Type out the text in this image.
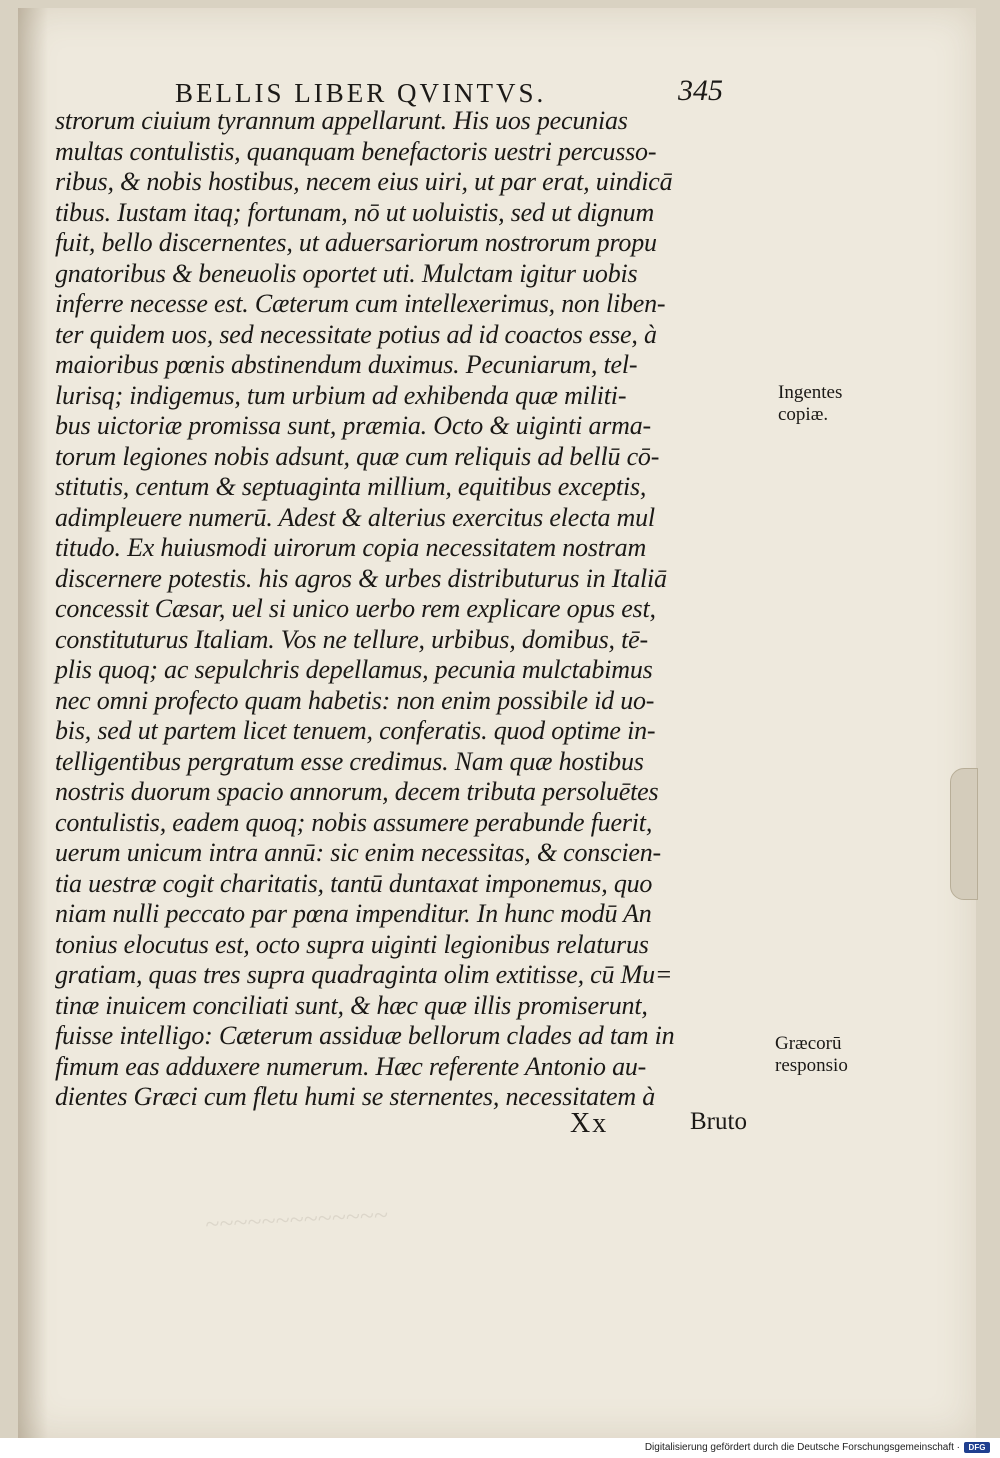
BELLIS LIBER QVINTVS.	345
strorum ciuium tyrannum appellarunt. His uos pecunias
multas contulistis, quanquam benefactoris uestri percusso-
ribus, & nobis hostibus, necem eius uiri, ut par erat, uindicā
tibus. Iustam itaq; fortunam, nō ut uoluistis, sed ut dignum
fuit, bello discernentes, ut aduersariorum nostrorum propu
gnatoribus & beneuolis oportet uti. Mulctam igitur uobis
inferre necesse est. Cæterum cum intellexerimus, non liben-
ter quidem uos, sed necessitate potius ad id coactos esse, à
maioribus pœnis abstinendum duximus. Pecuniarum, tel-
lurisq; indigemus, tum urbium ad exhibenda quæ militi-
bus uictoriæ promissa sunt, præmia. Octo & uiginti arma-
torum legiones nobis adsunt, quæ cum reliquis ad bellū cō-
stitutis, centum & septuaginta millium, equitibus exceptis,
adimpleuere numerū. Adest & alterius exercitus electa mul
titudo. Ex huiusmodi uirorum copia necessitatem nostram
discernere potestis. his agros & urbes distributurus in Italiā
concessit Cæsar, uel si unico uerbo rem explicare opus est,
constituturus Italiam. Vos ne tellure, urbibus, domibus, tē-
plis quoq; ac sepulchris depellamus, pecunia mulctabimus
nec omni profecto quam habetis: non enim possibile id uo-
bis, sed ut partem licet tenuem, conferatis. quod optime in-
telligentibus pergratum esse credimus. Nam quæ hostibus
nostris duorum spacio annorum, decem tributa persoluētes
contulistis, eadem quoq; nobis assumere perabunde fuerit,
uerum unicum intra annū: sic enim necessitas, & conscien-
tia uestræ cogit charitatis, tantū duntaxat imponemus, quo
niam nulli peccato par pœna impenditur. In hunc modū An
tonius elocutus est, octo supra uiginti legionibus relaturus
gratiam, quas tres supra quadraginta olim extitisse, cū Mu=
tinæ inuicem conciliati sunt, & hæc quæ illis promiserunt,
fuisse intelligo: Cæterum assiduæ bellorum clades ad tam in
fimum eas adduxere numerum. Hæc referente Antonio au-
dientes Græci cum fletu humi se sternentes, necessitatem à
Ingentes
copiæ.
Græcorū
responsio
Xx	Bruto
~~~~~~~~~~~~~
Digitalisierung gefördert durch die Deutsche Forschungsgemeinschaft ·	DFG
